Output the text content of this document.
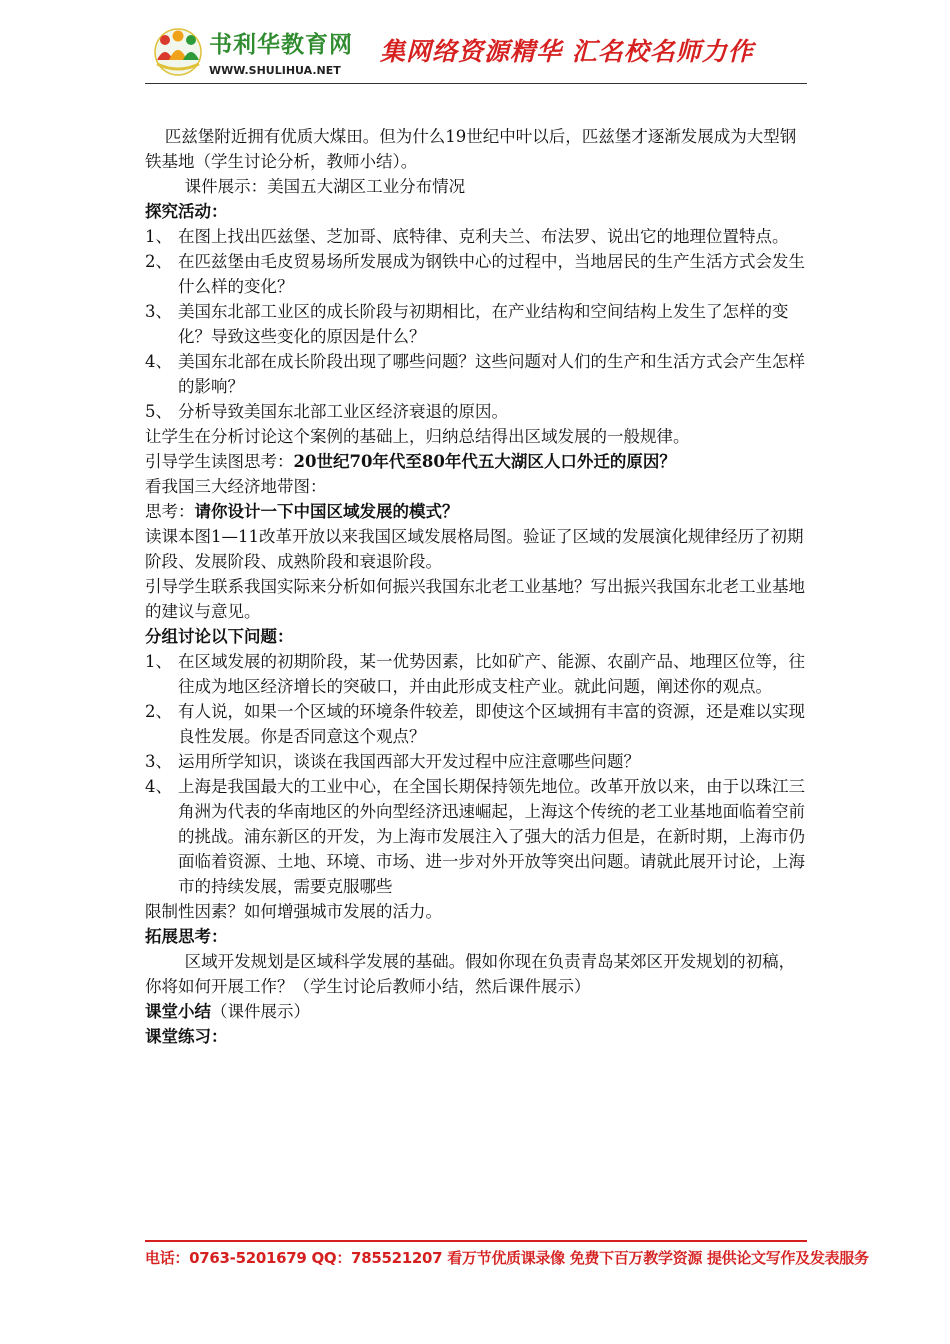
书利华教育网
WWW.SHULIHUA.NET
集网络资源精华 汇名校名师力作

匹兹堡附近拥有优质大煤田。但为什么19世纪中叶以后，匹兹堡才逐渐发展成为大型钢铁基地（学生讨论分析，教师小结）。

课件展示：美国五大湖区工业分布情况

探究活动：

1、 在图上找出匹兹堡、芝加哥、底特律、克利夫兰、布法罗、说出它的地理位置特点。
2、 在匹兹堡由毛皮贸易场所发展成为钢铁中心的过程中，当地居民的生产生活方式会发生什么样的变化？
3、 美国东北部工业区的成长阶段与初期相比，在产业结构和空间结构上发生了怎样的变化？导致这些变化的原因是什么？
4、 美国东北部在成长阶段出现了哪些问题？这些问题对人们的生产和生活方式会产生怎样的影响？
5、 分析导致美国东北部工业区经济衰退的原因。

让学生在分析讨论这个案例的基础上，归纳总结得出区域发展的一般规律。

引导学生读图思考：20世纪70年代至80年代五大湖区人口外迁的原因？

看我国三大经济地带图：

思考：请你设计一下中国区域发展的模式？

读课本图1—11改革开放以来我国区域发展格局图。验证了区域的发展演化规律经历了初期阶段、发展阶段、成熟阶段和衰退阶段。

引导学生联系我国实际来分析如何振兴我国东北老工业基地？写出振兴我国东北老工业基地的建议与意见。

分组讨论以下问题：

1、 在区域发展的初期阶段，某一优势因素，比如矿产、能源、农副产品、地理区位等，往往成为地区经济增长的突破口，并由此形成支柱产业。就此问题，阐述你的观点。
2、 有人说，如果一个区域的环境条件较差，即使这个区域拥有丰富的资源，还是难以实现良性发展。你是否同意这个观点？
3、 运用所学知识，谈谈在我国西部大开发过程中应注意哪些问题？
4、 上海是我国最大的工业中心，在全国长期保持领先地位。改革开放以来，由于以珠江三角洲为代表的华南地区的外向型经济迅速崛起，上海这个传统的老工业基地面临着空前的挑战。浦东新区的开发，为上海市发展注入了强大的活力但是，在新时期，上海市仍面临着资源、土地、环境、市场、进一步对外开放等突出问题。请就此展开讨论，上海市的持续发展，需要克服哪些

限制性因素？如何增强城市发展的活力。

拓展思考：

区域开发规划是区域科学发展的基础。假如你现在负责青岛某郊区开发规划的初稿，你将如何开展工作？（学生讨论后教师小结，然后课件展示）

课堂小结（课件展示）

课堂练习：

电话：0763-5201679 QQ：785521207 看万节优质课录像 免费下百万教学资源 提供论文写作及发表服务
